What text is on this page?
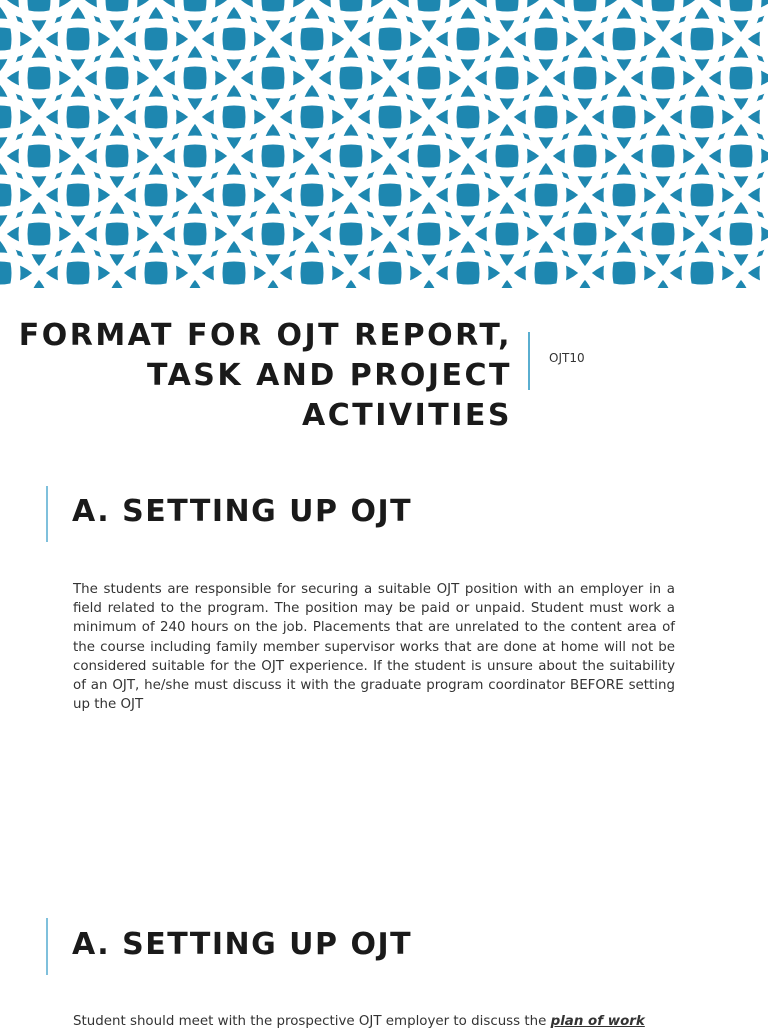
FORMAT FOR OJT REPORT,
TASK AND PROJECT ACTIVITIES
OJT10
A. SETTING UP OJT
The students are responsible for securing a suitable OJT position with an employer in a field related to the program. The position may be paid or unpaid. Student must work a minimum of 240 hours on the job. Placements that are unrelated to the content area of the course including family member supervisor works that are done at home will not be considered suitable for the OJT experience. If the student is unsure about the suitability of an OJT, he/she must discuss it with the graduate program coordinator BEFORE setting up the OJT
A. SETTING UP OJT
Student should meet with the prospective OJT employer to discuss the plan of work
